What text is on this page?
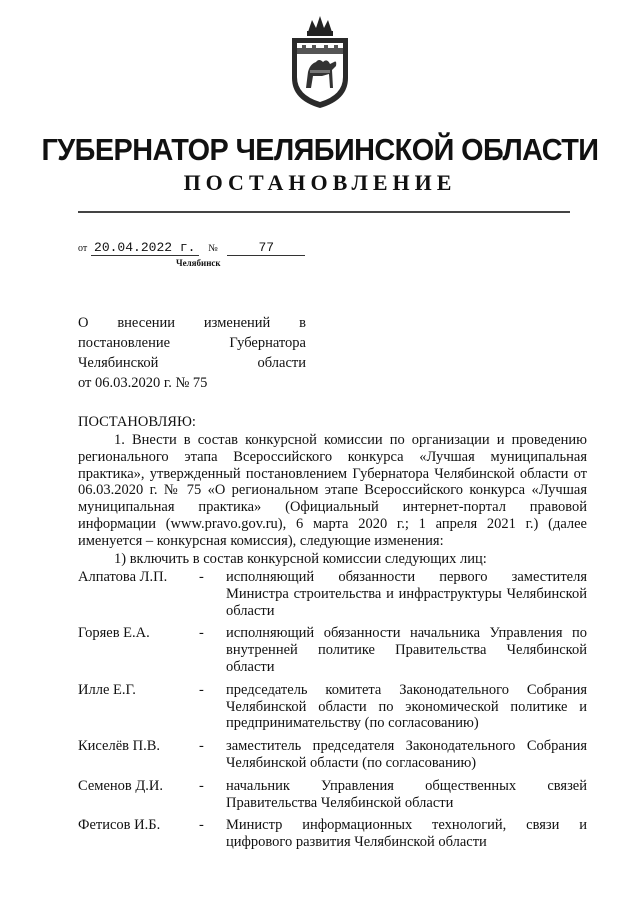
ГУБЕРНАТОР ЧЕЛЯБИНСКОЙ ОБЛАСТИ
ПОСТАНОВЛЕНИЕ
от 20.04.2022 г. №	77
Челябинск
О внесении изменений в
постановление Губернатора
Челябинской области
от 06.03.2020 г. № 75
ПОСТАНОВЛЯЮ:

1. Внести в состав конкурсной комиссии по организации и проведению регионального этапа Всероссийского конкурса «Лучшая муниципальная практика», утвержденный постановлением Губернатора Челябинской области от 06.03.2020 г. № 75 «О региональном этапе Всероссийского конкурса «Лучшая муниципальная практика» (Официальный интернет-портал правовой информации (www.pravo.gov.ru), 6 марта 2020 г.; 1 апреля 2021 г.) (далее именуется – конкурсная комиссия), следующие изменения:

1) включить в состав конкурсной комиссии следующих лиц:
Алпатова Л.П.	-	исполняющий обязанности первого заместителя Министра строительства и инфраструктуры Челябинской области
Горяев Е.А.	-	исполняющий обязанности начальника Управления по внутренней политике Правительства Челябинской области
Илле Е.Г.	-	председатель комитета Законодательного Собрания Челябинской области по экономической политике и предпринимательству (по согласованию)
Киселёв П.В.	-	заместитель председателя Законодательного Собрания Челябинской области (по согласованию)
Семенов Д.И.	-	начальник Управления общественных связей Правительства Челябинской области
Фетисов И.Б.	-	Министр информационных технологий, связи и цифрового развития Челябинской области
